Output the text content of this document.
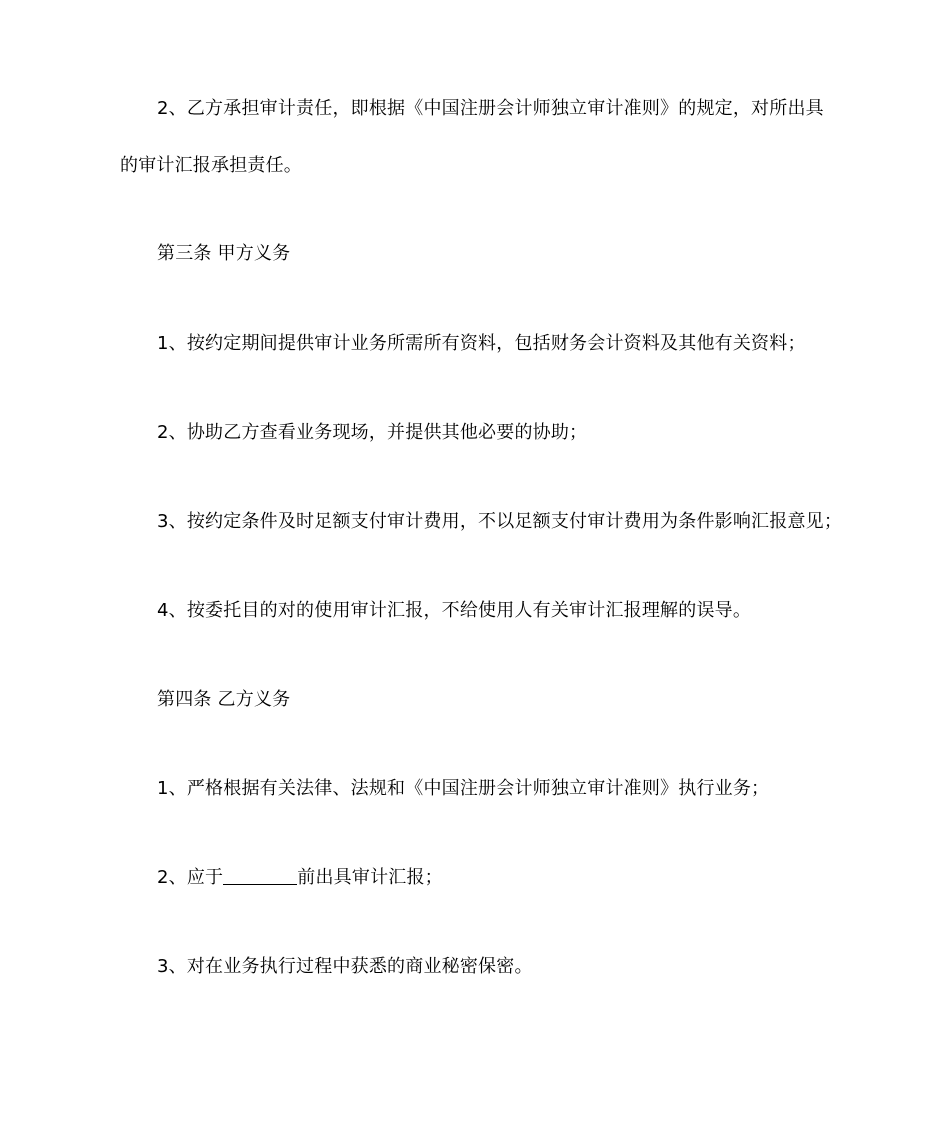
2、乙方承担审计责任，即根据《中国注册会计师独立审计准则》的规定，对所出具
的审计汇报承担责任。
第三条 甲方义务
1、按约定期间提供审计业务所需所有资料，包括财务会计资料及其他有关资料；
2、协助乙方查看业务现场，并提供其他必要的协助；
3、按约定条件及时足额支付审计费用，不以足额支付审计费用为条件影响汇报意见；
4、按委托目的对的使用审计汇报，不给使用人有关审计汇报理解的误导。
第四条 乙方义务
1、严格根据有关法律、法规和《中国注册会计师独立审计准则》执行业务；
2、应于	前出具审计汇报；
3、对在业务执行过程中获悉的商业秘密保密。
